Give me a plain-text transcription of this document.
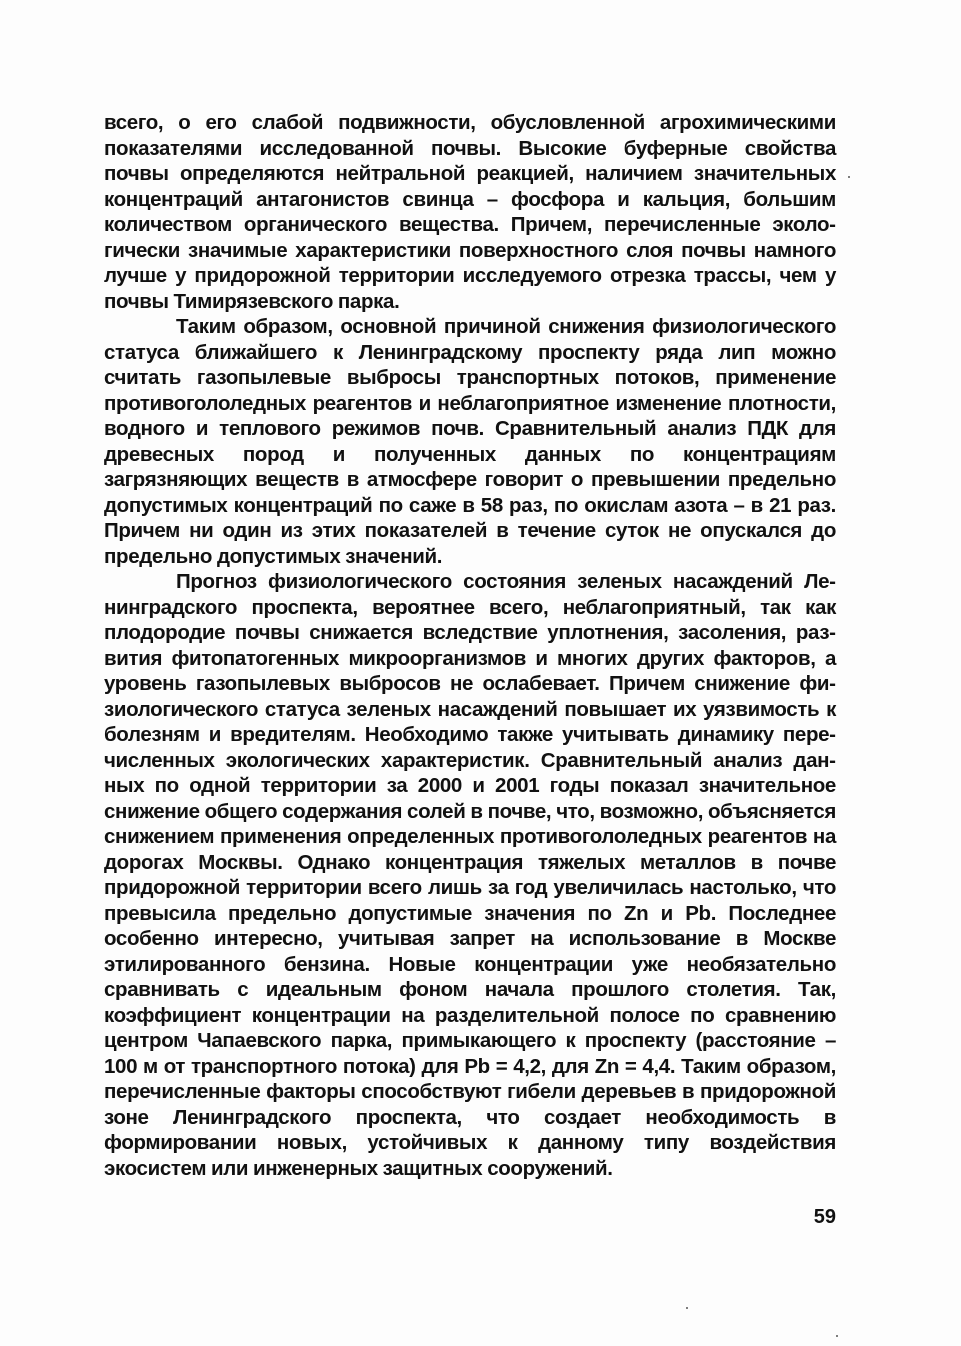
всего, о его слабой подвижности, обусловленной агрохимическими показателями исследованной почвы. Высокие буферные свойства почвы определяются нейтральной реакцией, наличием значительных концентраций антагонистов свинца – фосфора и кальция, большим количеством органического вещества. Причем, перечисленные экологически значимые характеристики поверхностного слоя почвы намного лучше у придорожной территории исследуемого отрезка трассы, чем у почвы Тимирязевского парка.

Таким образом, основной причиной снижения физиологического статуса ближайшего к Ленинградскому проспекту ряда лип можно считать газопылевые выбросы транспортных потоков, применение противогололедных реагентов и неблагоприятное изменение плотности, водного и теплового режимов почв. Сравнительный анализ ПДК для древесных пород и полученных данных по концентрациям загрязняющих веществ в атмосфере говорит о превышении предельно допустимых концентраций по саже в 58 раз, по окислам азота – в 21 раз. Причем ни один из этих показателей в течение суток не опускался до предельно допустимых значений.

Прогноз физиологического состояния зеленых насаждений Ленинградского проспекта, вероятнее всего, неблагоприятный, так как плодородие почвы снижается вследствие уплотнения, засоления, развития фитопатогенных микроорганизмов и многих других факторов, а уровень газопылевых выбросов не ослабевает. Причем снижение физиологического статуса зеленых насаждений повышает их уязвимость к болезням и вредителям. Необходимо также учитывать динамику перечисленных экологических характеристик. Сравнительный анализ данных по одной территории за 2000 и 2001 годы показал значительное снижение общего содержания солей в почве, что, возможно, объясняется снижением применения определенных противогололедных реагентов на дорогах Москвы. Однако концентрация тяжелых металлов в почве придорожной территории всего лишь за год увеличилась настолько, что превысила предельно допустимые значения по Zn и Pb. Последнее особенно интересно, учитывая запрет на использование в Москве этилированного бензина. Новые концентрации уже необязательно сравнивать с идеальным фоном начала прошлого столетия. Так, коэффициент концентрации на разделительной полосе по сравнению центром Чапаевского парка, примыкающего к проспекту (расстояние – 100 м от транспортного потока) для Pb = 4,2, для Zn = 4,4. Таким образом, перечисленные факторы способствуют гибели деревьев в придорожной зоне Ленинградского проспекта, что создает необходимость в формировании новых, устойчивых к данному типу воздействия экосистем или инженерных защитных сооружений.

59
